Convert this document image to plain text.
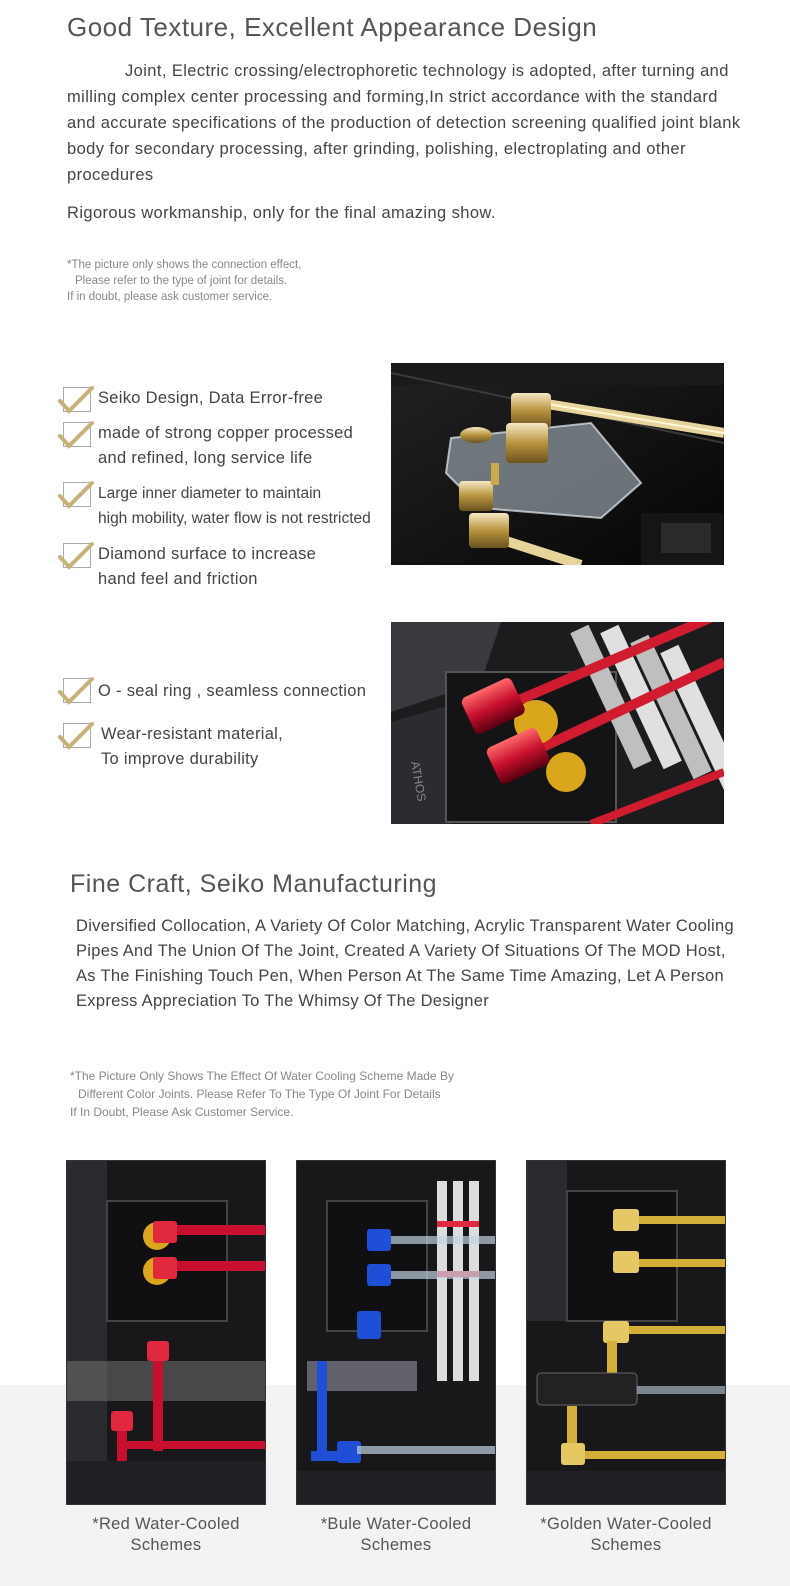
Good Texture, Excellent Appearance Design

Joint, Electric crossing/electrophoretic technology is adopted, after turning and milling complex center processing and forming,In strict accordance with the standard and accurate specifications of the production of detection screening qualified joint blank body for secondary processing, after grinding, polishing, electroplating and other procedures

Rigorous workmanship, only for the final amazing show.

*The picture only shows the connection effect,
Please refer to the type of joint for details.
If in doubt, please ask customer service.
Seiko Design, Data Error-free
made of strong copper processed
and refined, long service life
Large inner diameter to maintain
high mobility, water flow is not restricted
Diamond surface to increase
hand feel and friction
O - seal ring , seamless connection
Wear-resistant material,
To improve durability
ATHOS
Fine Craft, Seiko Manufacturing

Diversified Collocation, A Variety Of Color Matching, Acrylic Transparent Water Cooling Pipes And The Union Of The Joint, Created A Variety Of Situations Of The MOD Host, As The Finishing Touch Pen, When Person At The Same Time Amazing, Let A Person Express Appreciation To The Whimsy Of The Designer

*The Picture Only Shows The Effect Of Water Cooling Scheme Made By
Different Color Joints. Please Refer To The Type Of Joint For Details
If In Doubt, Please Ask Customer Service.
*Red Water-Cooled
Schemes
*Bule Water-Cooled
Schemes
*Golden Water-Cooled
Schemes
